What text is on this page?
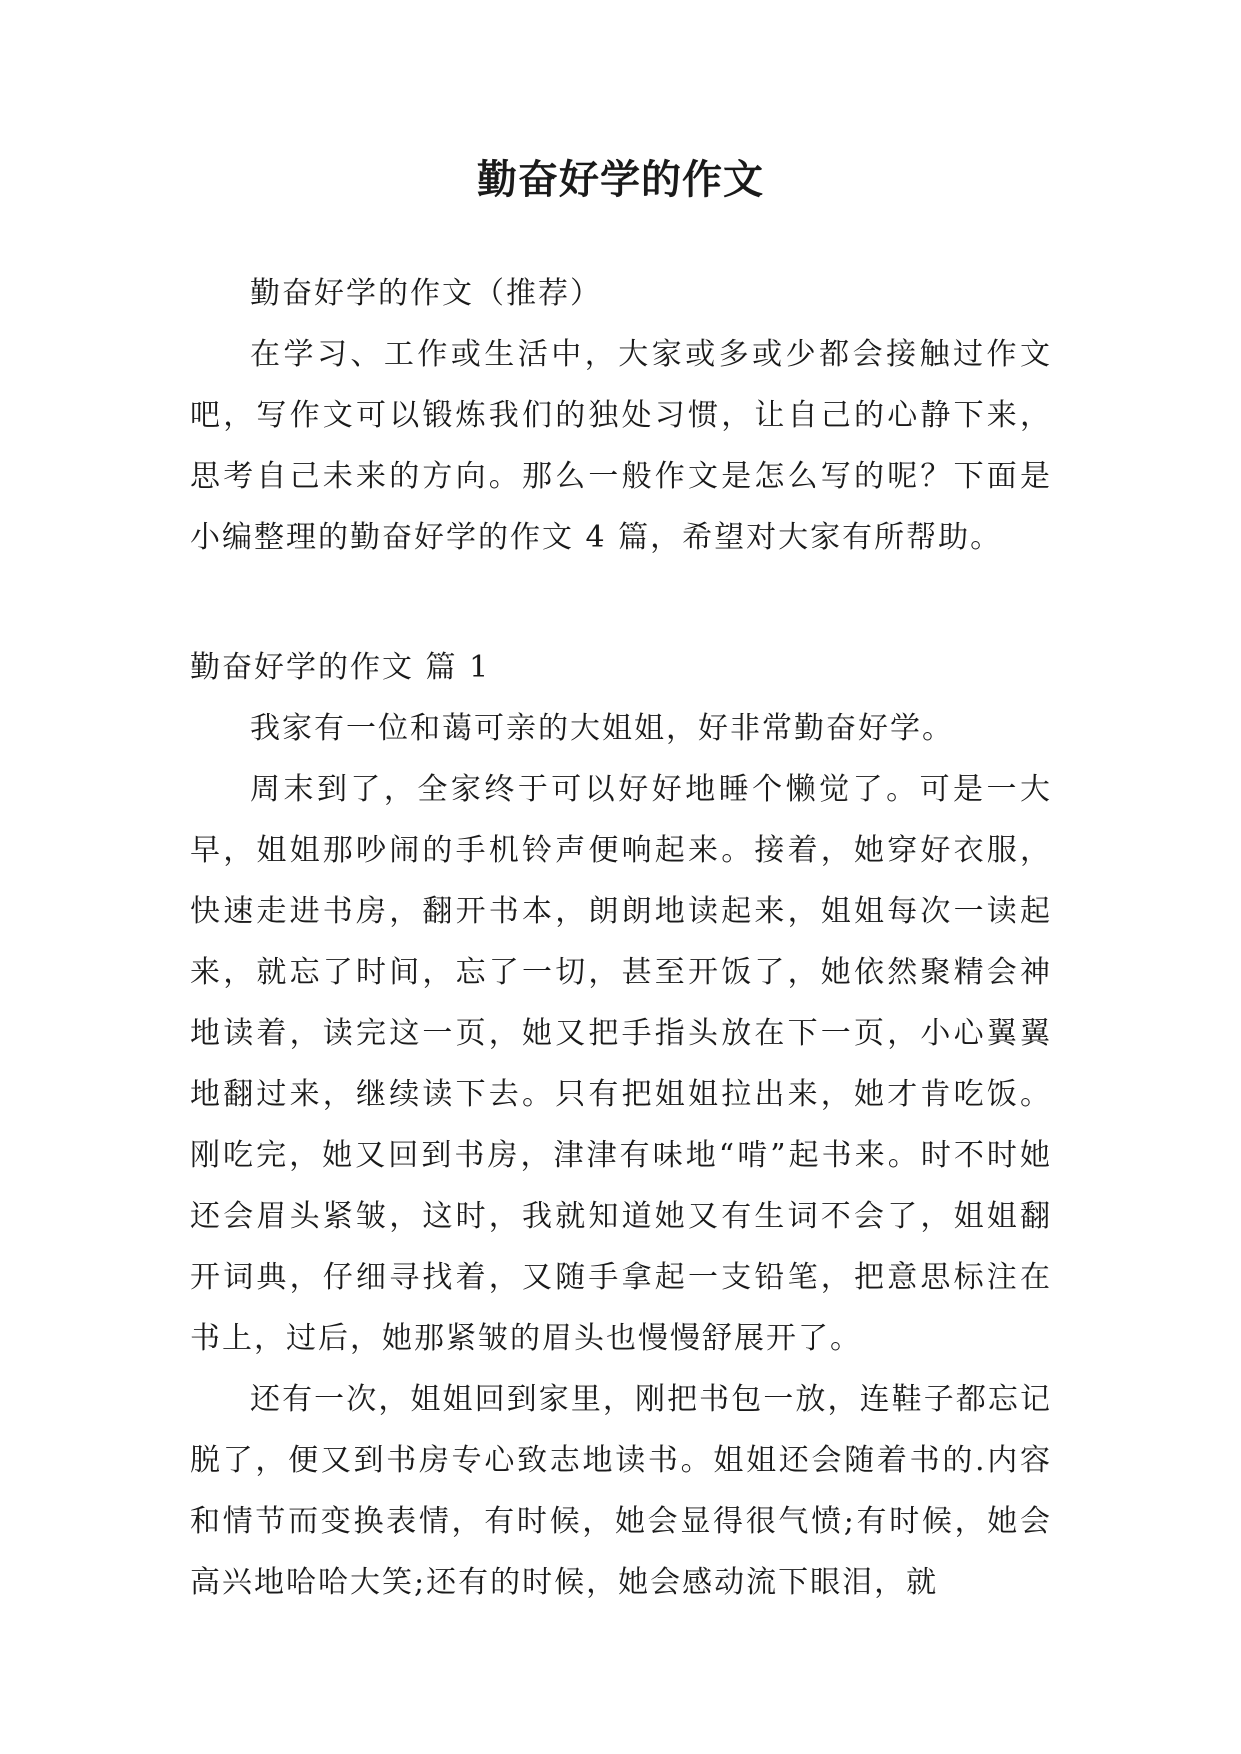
勤奋好学的作文

勤奋好学的作文（推荐）

在学习、工作或生活中，大家或多或少都会接触过作文吧，写作文可以锻炼我们的独处习惯，让自己的心静下来，思考自己未来的方向。那么一般作文是怎么写的呢？下面是小编整理的勤奋好学的作文 4 篇，希望对大家有所帮助。

勤奋好学的作文 篇 1

我家有一位和蔼可亲的大姐姐，好非常勤奋好学。

周末到了，全家终于可以好好地睡个懒觉了。可是一大早，姐姐那吵闹的手机铃声便响起来。接着，她穿好衣服，快速走进书房，翻开书本，朗朗地读起来，姐姐每次一读起来，就忘了时间，忘了一切，甚至开饭了，她依然聚精会神地读着，读完这一页，她又把手指头放在下一页，小心翼翼地翻过来，继续读下去。只有把姐姐拉出来，她才肯吃饭。刚吃完，她又回到书房，津津有味地“啃”起书来。时不时她还会眉头紧皱，这时，我就知道她又有生词不会了，姐姐翻开词典，仔细寻找着，又随手拿起一支铅笔，把意思标注在书上，过后，她那紧皱的眉头也慢慢舒展开了。

还有一次，姐姐回到家里，刚把书包一放，连鞋子都忘记脱了，便又到书房专心致志地读书。姐姐还会随着书的.内容和情节而变换表情，有时候，她会显得很气愤;有时候，她会高兴地哈哈大笑;还有的时候，她会感动流下眼泪，就
